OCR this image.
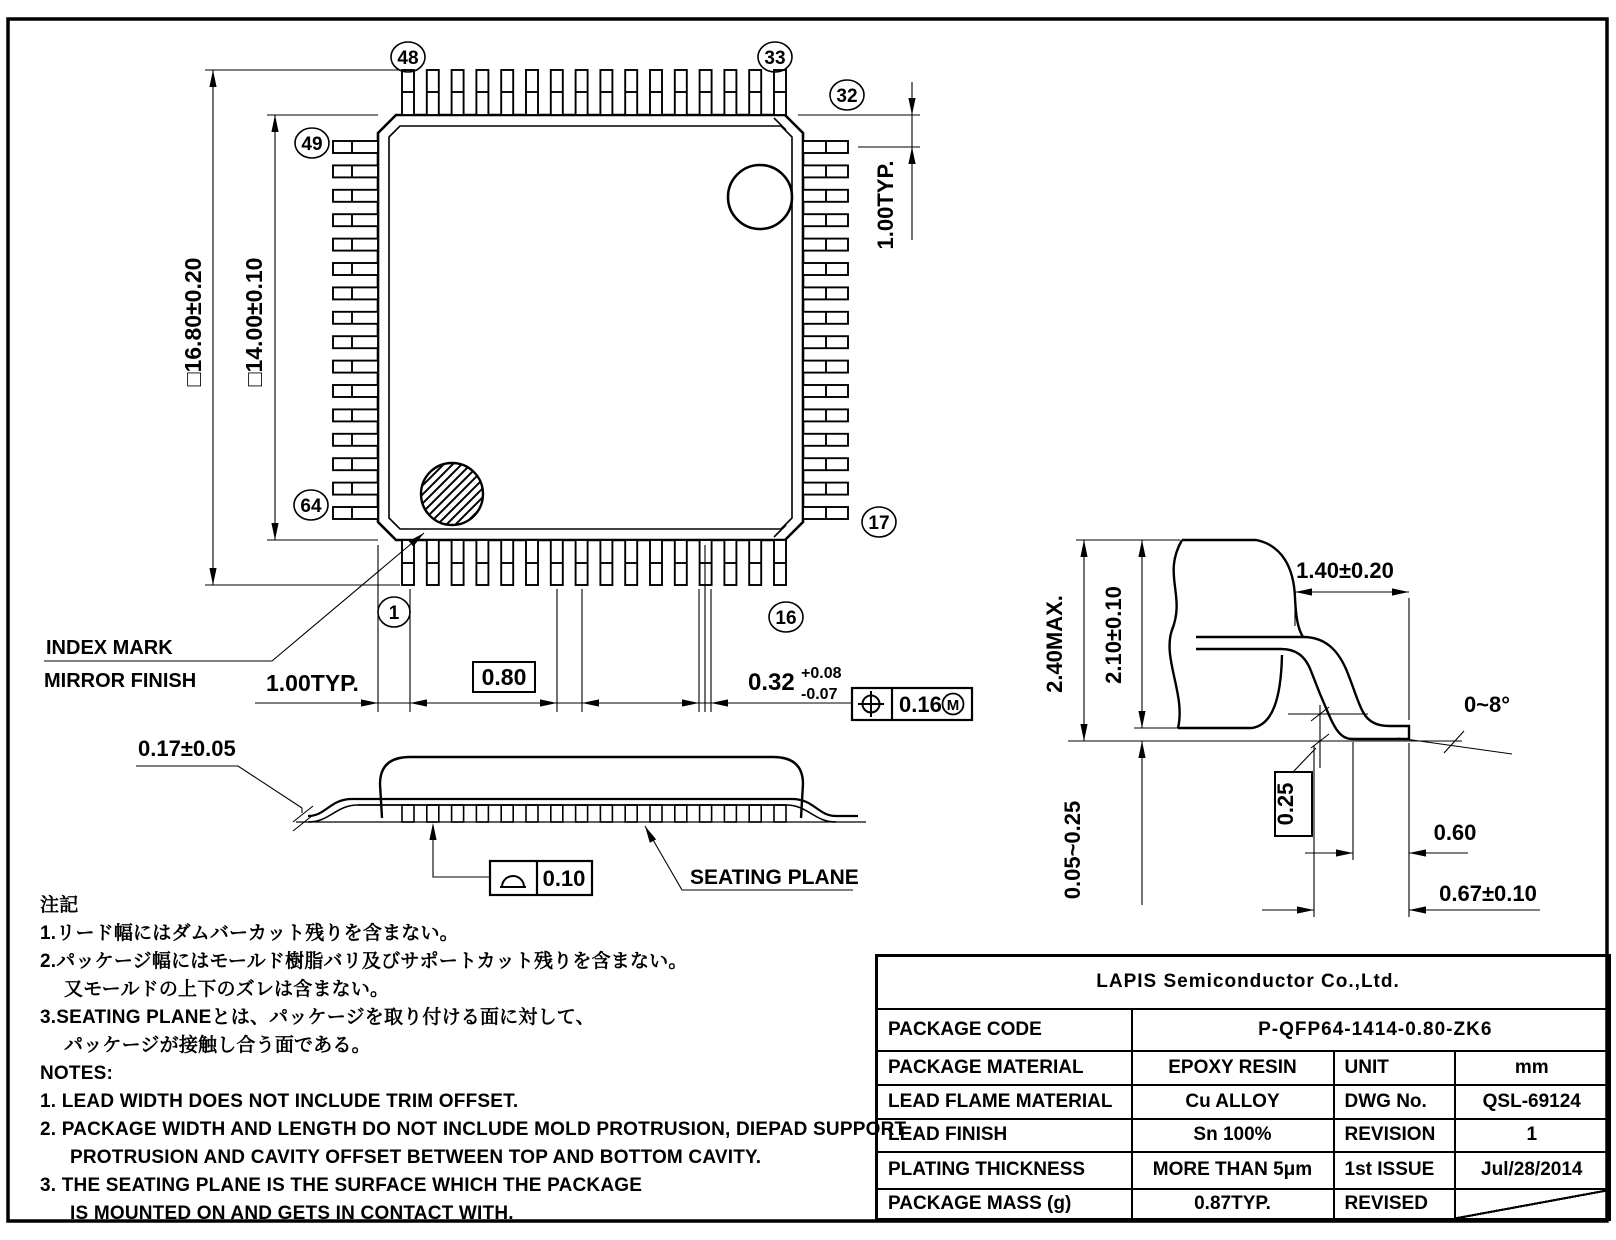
48	33
32
49
64
17
1	16
□16.80±0.20 □14.00±0.10
1.00TYP.
1.00TYP.	0.80	0.32 +0.08
-0.07	0.16 M
INDEX MARK
MIRROR FINISH
0.17±0.05
0.10	SEATING PLANE
2.40MAX. 2.10±0.10
1.40±0.20
0~8°
0.05~0.25	0.25
0.60
0.67±0.10
注記
1.リード幅にはダムバーカット残りを含まない。
2.パッケージ幅にはモールド樹脂バリ及びサポートカット残りを含まない。
又モールドの上下のズレは含まない。
3.SEATING PLANEとは、パッケージを取り付ける面に対して、
パッケージが接触し合う面である。
NOTES:
1. LEAD WIDTH DOES NOT INCLUDE TRIM OFFSET.
2. PACKAGE WIDTH AND LENGTH DO NOT INCLUDE MOLD PROTRUSION, DIEPAD SUPPORT
PROTRUSION AND CAVITY OFFSET BETWEEN TOP AND BOTTOM CAVITY.
3. THE SEATING PLANE IS THE SURFACE WHICH THE PACKAGE
IS MOUNTED ON AND GETS IN CONTACT WITH.
LAPIS Semiconductor Co.,Ltd.			
PACKAGE CODE	P-QFP64-1414-0.80-ZK6		
PACKAGE MATERIAL	EPOXY RESIN	UNIT	mm
LEAD FLAME MATERIAL	Cu ALLOY	DWG No.	QSL-69124
LEAD FINISH	Sn 100%	REVISION	1
PLATING THICKNESS	MORE THAN 5μm	1st ISSUE	Jul/28/2014
PACKAGE MASS (g)	0.87TYP.	REVISED	
